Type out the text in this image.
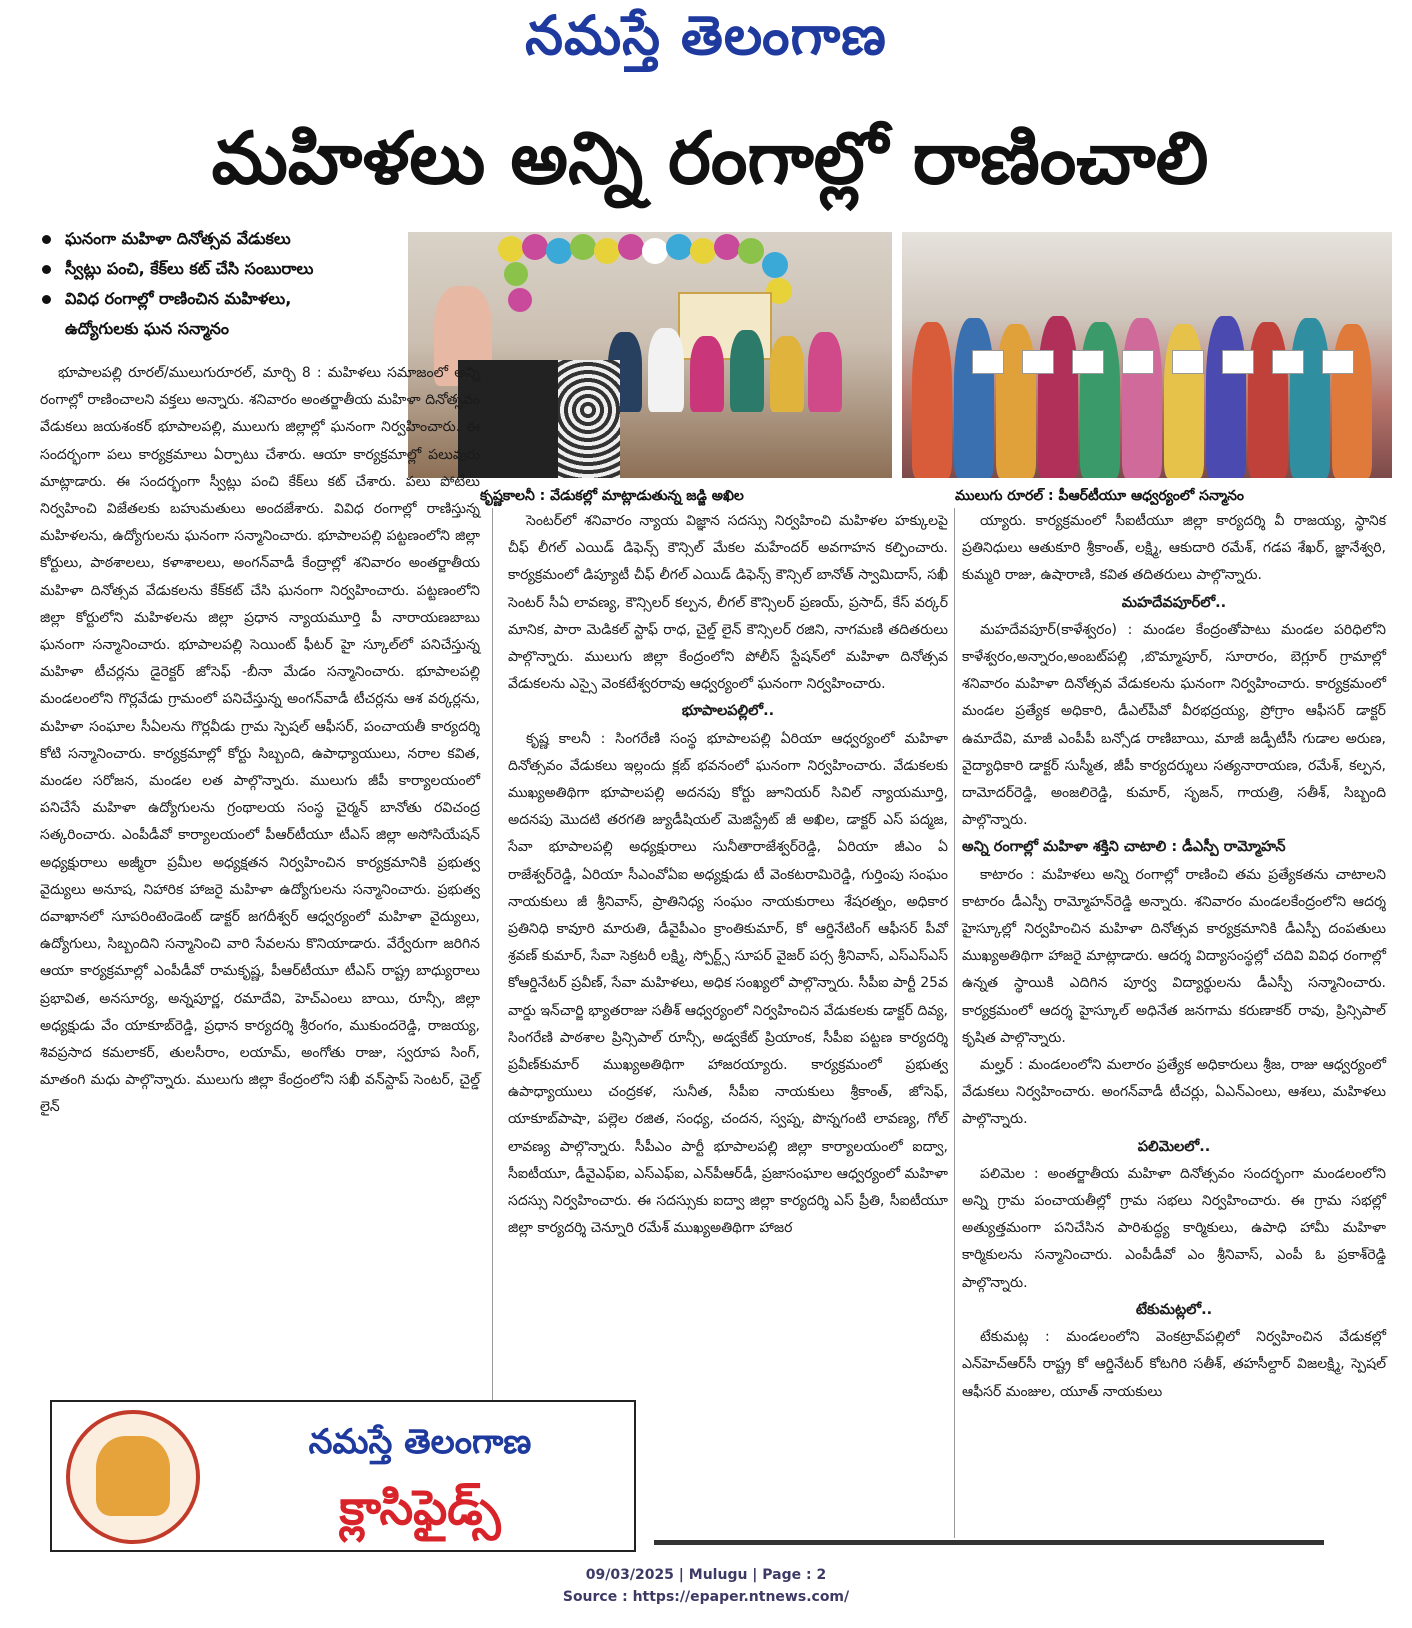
నమస్తే తెలంగాణ
మహిళలు అన్ని రంగాల్లో రాణించాలి
ఘనంగా మహిళా దినోత్సవ వేడుకలు
స్వీట్లు పంచి, కేక్‌లు కట్ చేసి సంబురాలు
వివిధ రంగాల్లో రాణించిన మహిళలు,
ఉద్యోగులకు ఘన సన్మానం
కృష్ణకాలనీ : వేడుకల్లో మాట్లాడుతున్న జడ్జి అఖిల	ములుగు రూరల్ : పీఆర్‌టీయూ ఆధ్వర్యంలో సన్మానం

భూపాలపల్లి రూరల్/ములుగురూరల్, మార్చి 8 : మహిళలు సమాజంలో అన్ని రంగాల్లో రాణించాలని వక్తలు అన్నారు. శనివారం అంతర్జాతీయ మహిళా దినోత్సవం వేడుకలు జయశంకర్ భూపాలపల్లి, ములుగు జిల్లాల్లో ఘనంగా నిర్వహించారు. ఈ సందర్భంగా పలు కార్యక్రమాలు ఏర్పాటు చేశారు. ఆయా కార్యక్రమాల్లో పలువురు మాట్లాడారు. ఈ సందర్భంగా స్వీట్లు పంచి కేక్‌లు కట్ చేశారు. పలు పోటీలు నిర్వహించి విజేతలకు బహుమతులు అందజేశారు. వివిధ రంగాల్లో రాణిస్తున్న మహిళలను, ఉద్యోగులను ఘనంగా సన్మానించారు. భూపాలపల్లి పట్టణంలోని జిల్లా కోర్టులు, పాఠశాలలు, కళాశాలలు, అంగన్‌వాడీ కేంద్రాల్లో శనివారం అంతర్జాతీయ మహిళా దినోత్సవ వేడుకలను కేక్‌కట్ చేసి ఘనంగా నిర్వహించారు. పట్టణంలోని జిల్లా కోర్టులోని మహిళలను జిల్లా ప్రధాన న్యాయమూర్తి పీ నారాయణబాబు ఘనంగా సన్మానించారు. భూపాలపల్లి సెయింట్ ఫీటర్ హై స్కూల్‌లో పనిచేస్తున్న మహిళా టీచర్లను డైరెక్టర్ జోసెఫ్ -బీనా మేడం సన్మానించారు. భూపాలపల్లి మండలంలోని గొర్లవేడు గ్రామంలో పనిచేస్తున్న అంగన్‌వాడీ టీచర్లను ఆశ వర్కర్లను, మహిళా సంఘాల సీఏలను గొర్లవీడు గ్రామ స్పెషల్ ఆఫీసర్, పంచాయతీ కార్యదర్శి కోటి సన్మానించారు. కార్యక్రమాల్లో కోర్టు సిబ్బంది, ఉపాధ్యాయులు, నరాల కవిత, మండల సరోజన, మండల లత పాల్గొన్నారు. ములుగు జీపీ కార్యాలయంలో పనిచేసే మహిళా ఉద్యోగులను గ్రంథాలయ సంస్థ చైర్మన్ బానోతు రవిచంద్ర సత్కరించారు. ఎంపీడీవో కార్యాలయంలో పీఆర్‌టీయూ టీఎస్ జిల్లా అసోసియేషన్ అధ్యక్షురాలు అజ్మీరా ప్రమీల అధ్యక్షతన నిర్వహించిన కార్యక్రమానికి ప్రభుత్వ వైద్యులు అనూష, నిహారిక హాజరై మహిళా ఉద్యోగులను సన్మానించారు. ప్రభుత్వ దవాఖానలో సూపరింటెండెంట్ డాక్టర్ జగదీశ్వర్ ఆధ్వర్యంలో మహిళా వైద్యులు, ఉద్యోగులు, సిబ్బందిని సన్మానించి వారి సేవలను కొనియాడారు. వేర్వేరుగా జరిగిన ఆయా కార్యక్రమాల్లో ఎంపీడీవో రామకృష్ణ, పీఆర్‌టీయూ టీఎస్ రాష్ట్ర బాధ్యురాలు ప్రభావిత, అనసూర్య, అన్నపూర్ణ, రమాదేవి, హెచ్‌ఎంలు బాయి, రూన్సీ, జిల్లా అధ్యక్షుడు వేం యాకూబ్‌రెడ్డి, ప్రధాన కార్యదర్శి శ్రీరంగం, ముకుందరెడ్డి, రాజయ్య, శివప్రసాద కమలాకర్, తులసీరాం, లయామ్, అంగోతు రాజు, స్వరూప సింగ్, మాతంగి మధు పాల్గొన్నారు. ములుగు జిల్లా కేంద్రంలోని సఖీ వన్‌స్టాప్ సెంటర్, చైల్డ్ లైన్

సెంటర్‌లో శనివారం న్యాయ విజ్ఞాన సదస్సు నిర్వహించి మహిళల హక్కులపై చీఫ్ లీగల్ ఎయిడ్ డిఫెన్స్ కౌన్సిల్ మేకల మహేందర్ అవగాహన కల్పించారు. కార్యక్రమంలో డిప్యూటీ చీఫ్ లీగల్ ఎయిడ్ డిఫెన్స్ కౌన్సిల్ బానోత్ స్వామిదాస్, సఖీ సెంటర్ సీఏ లావణ్య, కౌన్సిలర్ కల్పన, లీగల్ కౌన్సిలర్ ప్రణయ్, ప్రసాద్, కేస్ వర్కర్ మానిక, పారా మెడికల్ స్టాఫ్ రాధ, చైల్డ్ లైన్ కౌన్సిలర్ రజిని, నాగమణి తదితరులు పాల్గొన్నారు. ములుగు జిల్లా కేంద్రంలోని పోలీస్ స్టేషన్‌లో మహిళా దినోత్సవ వేడుకలను ఎస్సై వెంకటేశ్వరరావు ఆధ్వర్యంలో ఘనంగా నిర్వహించారు.

భూపాలపల్లిలో..

కృష్ణ కాలనీ : సింగరేణి సంస్థ భూపాలపల్లి ఏరియా ఆధ్వర్యంలో మహిళా దినోత్సవం వేడుకలు ఇల్లందు క్లబ్ భవనంలో ఘనంగా నిర్వహించారు. వేడుకలకు ముఖ్యఅతిథిగా భూపాలపల్లి అదనపు కోర్టు జూనియర్ సివిల్ న్యాయమూర్తి, అదనపు మొదటి తరగతి జ్యుడీషియల్ మెజిస్ట్రేట్ జీ అఖిల, డాక్టర్ ఎస్ పద్మజ, సేవా భూపాలపల్లి అధ్యక్షురాలు సునీతారాజేశ్వర్‌రెడ్డి, ఏరియా జీఎం ఏ రాజేశ్వర్‌రెడ్డి, ఏరియా సీఎంవోఏఐ అధ్యక్షుడు టీ వెంకటరామిరెడ్డి, గుర్తింపు సంఘం నాయకులు జీ శ్రీనివాస్, ప్రాతినిధ్య సంఘం నాయకురాలు శేషరత్నం, అధికార ప్రతినిధి కావూరి మారుతి, డీవైపీఎం క్రాంతికుమార్, కో ఆర్డినేటింగ్ ఆఫీసర్ పీవో శ్రవణ్ కుమార్, సేవా సెక్రటరీ లక్ష్మి, స్పోర్ట్స్ సూపర్ వైజర్ పర్స శ్రీనివాస్, ఎస్‌ఎస్‌ఎస్ కోఆర్డినేటర్ ప్రవీణ్, సేవా మహిళలు, అధిక సంఖ్యలో పాల్గొన్నారు. సీపీఐ పార్టీ 25వ వార్డు ఇన్‌చార్జి భ్యాతరాజు సతీశ్ ఆధ్వర్యంలో నిర్వహించిన వేడుకలకు డాక్టర్ దివ్య, సింగరేణి పాఠశాల ప్రిన్సిపాల్ రూన్సీ, అడ్వకేట్ ప్రియాంక, సీపీఐ పట్టణ కార్యదర్శి ప్రవీణ్‌కుమార్ ముఖ్యఅతిథిగా హాజరయ్యారు. కార్యక్రమంలో ప్రభుత్వ ఉపాధ్యాయులు చంద్రకళ, సునీత, సీపీఐ నాయకులు శ్రీకాంత్, జోసెఫ్, యాకూబ్‌పాషా, పల్లెల రజిత, సంధ్య, చందన, స్వప్న, పొన్నగంటి లావణ్య, గోల్ లావణ్య పాల్గొన్నారు. సీపీఎం పార్టీ భూపాలపల్లి జిల్లా కార్యాలయంలో ఐద్వా, సీఐటీయూ, డీవైఎఫ్‌ఐ, ఎస్‌ఎఫ్‌ఐ, ఎన్‌పీఆర్‌డీ, ప్రజాసంఘాల ఆధ్వర్యంలో మహిళా సదస్సు నిర్వహించారు. ఈ సదస్సుకు ఐద్వా జిల్లా కార్యదర్శి ఎస్ ప్రీతి, సీఐటీయూ జిల్లా కార్యదర్శి చెన్నూరి రమేశ్ ముఖ్యఅతిథిగా హాజర

య్యారు. కార్యక్రమంలో సీఐటీయూ జిల్లా కార్యదర్శి వీ రాజయ్య, స్థానిక ప్రతినిధులు ఆతుకూరి శ్రీకాంత్, లక్ష్మి, ఆకుదారి రమేశ్, గడప శేఖర్, జ్ఞానేశ్వరి, కుమ్మరి రాజు, ఉషారాణి, కవిత తదితరులు పాల్గొన్నారు.

మహదేవపూర్‌లో..

మహదేవపూర్(కాళేశ్వరం) : మండల కేంద్రంతోపాటు మండల పరిధిలోని కాళేశ్వరం,అన్నారం,అంబట్‌పల్లి ,బొమ్మాపూర్, సూరారం, బెగ్లూర్ గ్రామాల్లో శనివారం మహిళా దినోత్సవ వేడుకలను ఘనంగా నిర్వహించారు. కార్యక్రమంలో మండల ప్రత్యేక అధికారి, డీఎల్‌పీవో వీరభద్రయ్య, ప్రోగ్రాం ఆఫీసర్ డాక్టర్ ఉమాదేవి, మాజీ ఎంపీపీ బన్సోడ రాణిబాయి, మాజీ జడ్పీటీసీ గుడాల అరుణ, వైద్యాధికారి డాక్టర్ సుస్మీత, జీపీ కార్యదర్శులు సత్యనారాయణ, రమేశ్, కల్పన, దామోదర్‌రెడ్డి, అంజలిరెడ్డి, కుమార్, సృజన్, గాయత్రి, సతీశ్, సిబ్బంది పాల్గొన్నారు.

అన్ని రంగాల్లో మహిళా శక్తిని చాటాలి : డీఎస్పీ రామ్మోహన్

కాటారం : మహిళలు అన్ని రంగాల్లో రాణించి తమ ప్రత్యేకతను చాటాలని కాటారం డీఎస్పీ రామ్మోహన్‌రెడ్డి అన్నారు. శనివారం మండలకేంద్రంలోని ఆదర్శ హైస్కూల్లో నిర్వహించిన మహిళా దినోత్సవ కార్యక్రమానికి డీఎస్పీ దంపతులు ముఖ్యఅతిథిగా హాజరై మాట్లాడారు. ఆదర్శ విద్యాసంస్థల్లో చదివి వివిధ రంగాల్లో ఉన్నత స్థాయికి ఎదిగిన పూర్వ విద్యార్థులను డీఎస్పీ సన్మానించారు. కార్యక్రమంలో ఆదర్శ హైస్కూల్ అధినేత జనగామ కరుణాకర్ రావు, ప్రిన్సిపాల్ కృషిత పాల్గొన్నారు.

మల్హర్ : మండలంలోని మలారం ప్రత్యేక అధికారులు శ్రీజ, రాజు ఆధ్వర్యంలో వేడుకలు నిర్వహించారు. అంగన్‌వాడీ టీచర్లు, ఏఎన్‌ఎంలు, ఆశలు, మహిళలు పాల్గొన్నారు.

పలిమెలలో..

పలిమెల : అంతర్జాతీయ మహిళా దినోత్సవం సందర్భంగా మండలంలోని అన్ని గ్రామ పంచాయతీల్లో గ్రామ సభలు నిర్వహించారు. ఈ గ్రామ సభల్లో అత్యుత్తమంగా పనిచేసిన పారిశుద్ధ్య కార్మికులు, ఉపాధి హామీ మహిళా కార్మికులను సన్మానించారు. ఎంపీడీవో ఎం శ్రీనివాస్, ఎంపీ ఓ ప్రకాశ్‌రెడ్డి పాల్గొన్నారు.

టేకుమట్లలో..

టేకుమట్ల : మండలంలోని వెంకట్రావ్‌పల్లిలో నిర్వహించిన వేడుకల్లో ఎన్‌హెచ్‌ఆర్‌సీ రాష్ట్ర కో ఆర్డినేటర్ కోటగిరి సతీశ్, తహసీల్దార్ విజలక్ష్మి, స్పెషల్ ఆఫీసర్ మంజుల, యూత్ నాయకులు

నమస్తే తెలంగాణ
క్లాసిఫైడ్స్
09/03/2025 | Mulugu | Page : 2
Source : https://epaper.ntnews.com/
